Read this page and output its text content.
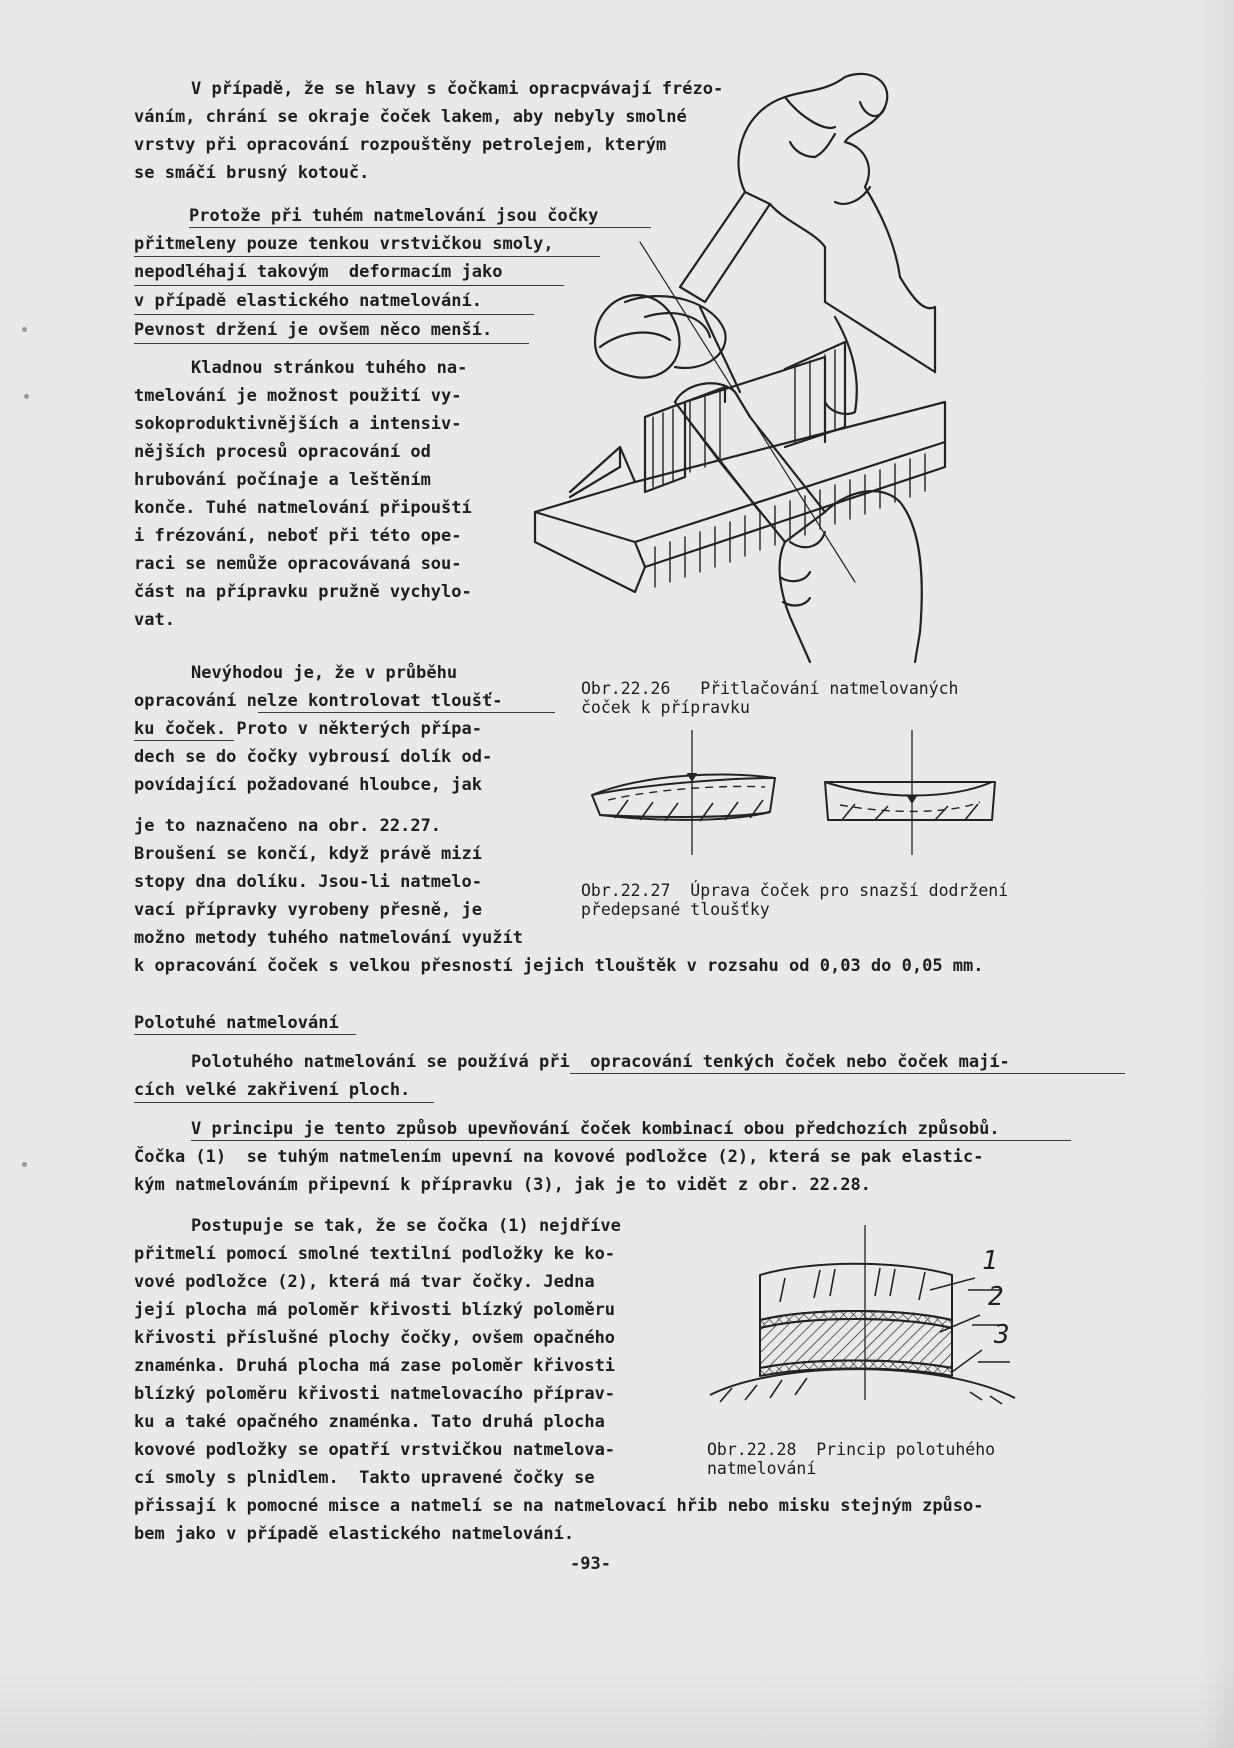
V případě, že se hlavy s čočkami opracpvávají frézo-
váním, chrání se okraje čoček lakem, aby nebyly smolné
vrstvy při opracování rozpouštěny petrolejem, kterým
se smáčí brusný kotouč.
Protože při tuhém natmelování jsou čočky
přitmeleny pouze tenkou vrstvičkou smoly,
nepodléhají takovým  deformacím jako
v případě elastického natmelování.
Pevnost držení je ovšem něco menší.
Kladnou stránkou tuhého na-
tmelování je možnost použití vy-
sokoproduktivnějších a intensiv-
nějších procesů opracování od
hrubování počínaje a leštěním
konče. Tuhé natmelování připouští
i frézování, neboť při této ope-
raci se nemůže opracovávaná sou-
část na přípravku pružně vychylo-
vat.
Nevýhodou je, že v průběhu
opracování nelze kontrolovat tloušť-
ku čoček. Proto v některých přípa-
dech se do čočky vybrousí dolík od-
povídající požadované hloubce, jak
je to naznačeno na obr. 22.27.
Broušení se končí, když právě mizí
stopy dna dolíku. Jsou-li natmelo-
vací přípravky vyrobeny přesně, je
možno metody tuhého natmelování využít
k opracování čoček s velkou přesností jejich tlouštěk v rozsahu od 0,03 do 0,05 mm.
Obr.22.26   Přitlačování natmelovaných
čoček k přípravku
Obr.22.27  Úprava čoček pro snazší dodržení
předepsané tloušťky
Polotuhé natmelování
Polotuhého natmelování se používá při  opracování tenkých čoček nebo čoček mají-
cích velké zakřivení ploch.
V principu je tento způsob upevňování čoček kombinací obou předchozích způsobů.
Čočka (1)  se tuhým natmelením upevní na kovové podložce (2), která se pak elastic-
kým natmelováním připevní k přípravku (3), jak je to vidět z obr. 22.28.
Postupuje se tak, že se čočka (1) nejdříve
přitmelí pomocí smolné textilní podložky ke ko-
vové podložce (2), která má tvar čočky. Jedna
její plocha má poloměr křivosti blízký poloměru
křivosti příslušné plochy čočky, ovšem opačného
znaménka. Druhá plocha má zase poloměr křivosti
blízký poloměru křivosti natmelovacího příprav-
ku a také opačného znaménka. Tato druhá plocha
kovové podložky se opatří vrstvičkou natmelova-
cí smoly s plnidlem.  Takto upravené čočky se
přissají k pomocné misce a natmelí se na natmelovací hřib nebo misku stejným způso-
bem jako v případě elastického natmelování.
1
2
3
Obr.22.28  Princip polotuhého
natmelování
-93-
